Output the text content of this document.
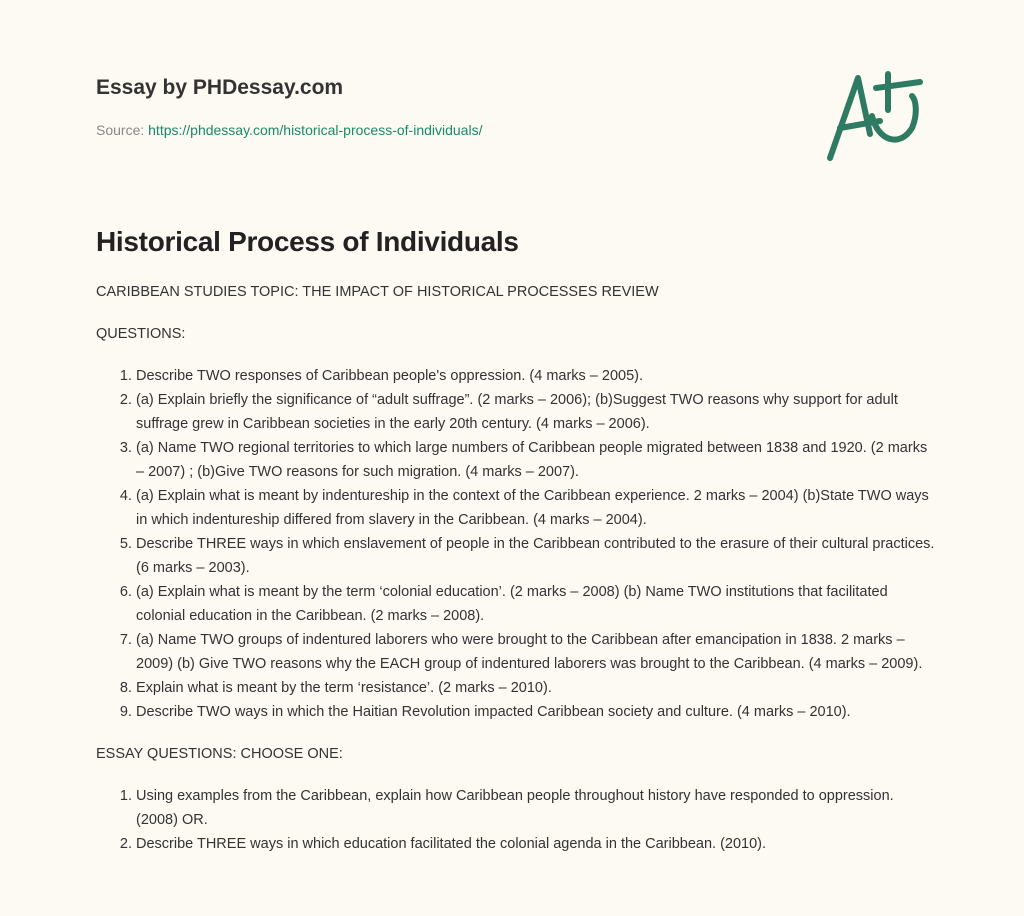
Essay by PHDessay.com
Source: https://phdessay.com/historical-process-of-individuals/
Historical Process of Individuals

CARIBBEAN STUDIES TOPIC: THE IMPACT OF HISTORICAL PROCESSES REVIEW

QUESTIONS:

1. Describe TWO responses of Caribbean people's oppression. (4 marks – 2005).
2. (a) Explain briefly the significance of “adult suffrage”. (2 marks – 2006); (b)Suggest TWO reasons why support for adult suffrage grew in Caribbean societies in the early 20th century. (4 marks – 2006).
3. (a) Name TWO regional territories to which large numbers of Caribbean people migrated between 1838 and 1920. (2 marks – 2007) ; (b)Give TWO reasons for such migration. (4 marks – 2007).
4. (a) Explain what is meant by indentureship in the context of the Caribbean experience. 2 marks – 2004) (b)State TWO ways in which indentureship differed from slavery in the Caribbean. (4 marks – 2004).
5. Describe THREE ways in which enslavement of people in the Caribbean contributed to the erasure of their cultural practices. (6 marks – 2003).
6. (a) Explain what is meant by the term ‘colonial education’. (2 marks – 2008) (b) Name TWO institutions that facilitated colonial education in the Caribbean. (2 marks – 2008).
7. (a) Name TWO groups of indentured laborers who were brought to the Caribbean after emancipation in 1838. 2 marks – 2009) (b) Give TWO reasons why the EACH group of indentured laborers was brought to the Caribbean. (4 marks – 2009).
8. Explain what is meant by the term ‘resistance’. (2 marks – 2010).
9. Describe TWO ways in which the Haitian Revolution impacted Caribbean society and culture. (4 marks – 2010).

ESSAY QUESTIONS: CHOOSE ONE:

1. Using examples from the Caribbean, explain how Caribbean people throughout history have responded to oppression. (2008) OR.
2. Describe THREE ways in which education facilitated the colonial agenda in the Caribbean. (2010).
